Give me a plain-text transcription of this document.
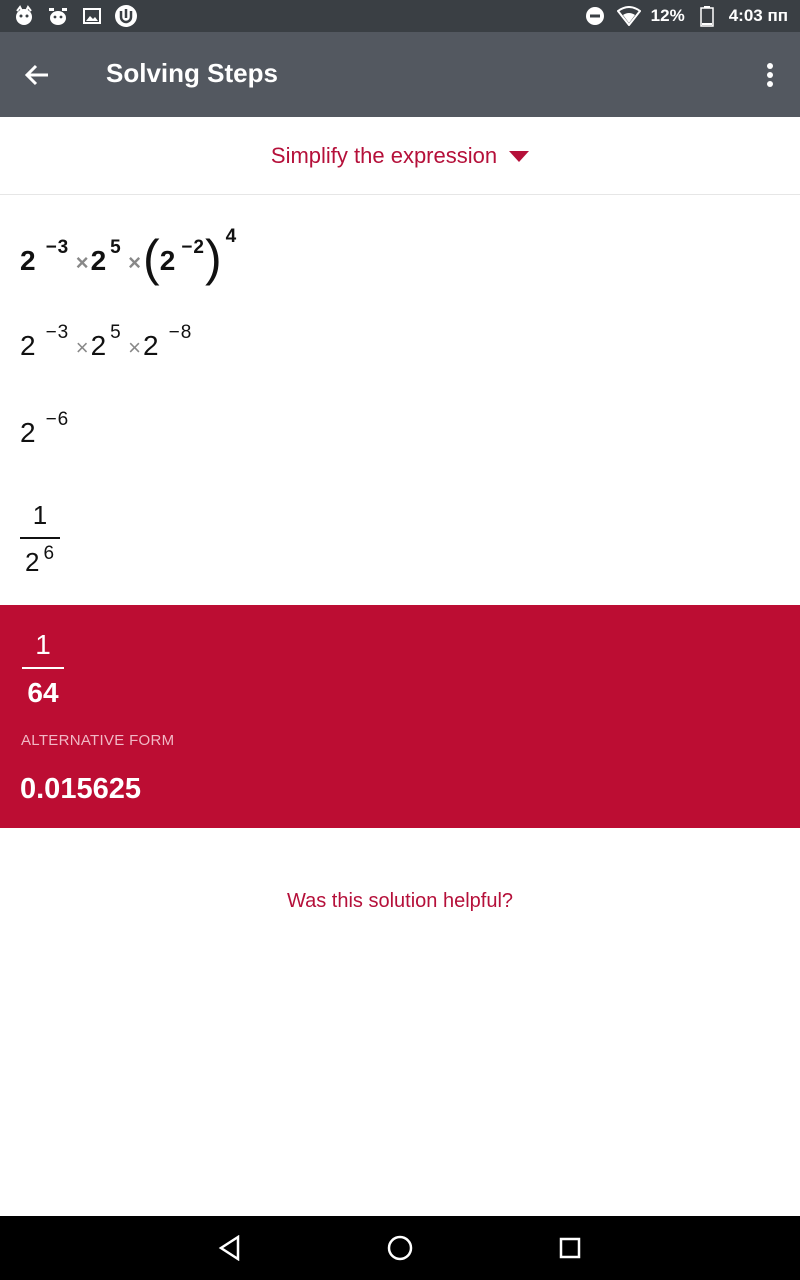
12%	4:03 пп
Solving Steps
Simplify the expression
2 −3 ×2 5 ×(2 −2) 4
2 −3 ×2 5 ×2 −8
2 −6
$\frac{1}{2 ^6}$
1
64
ALTERNATIVE FORM
0.015625
Was this solution helpful?
